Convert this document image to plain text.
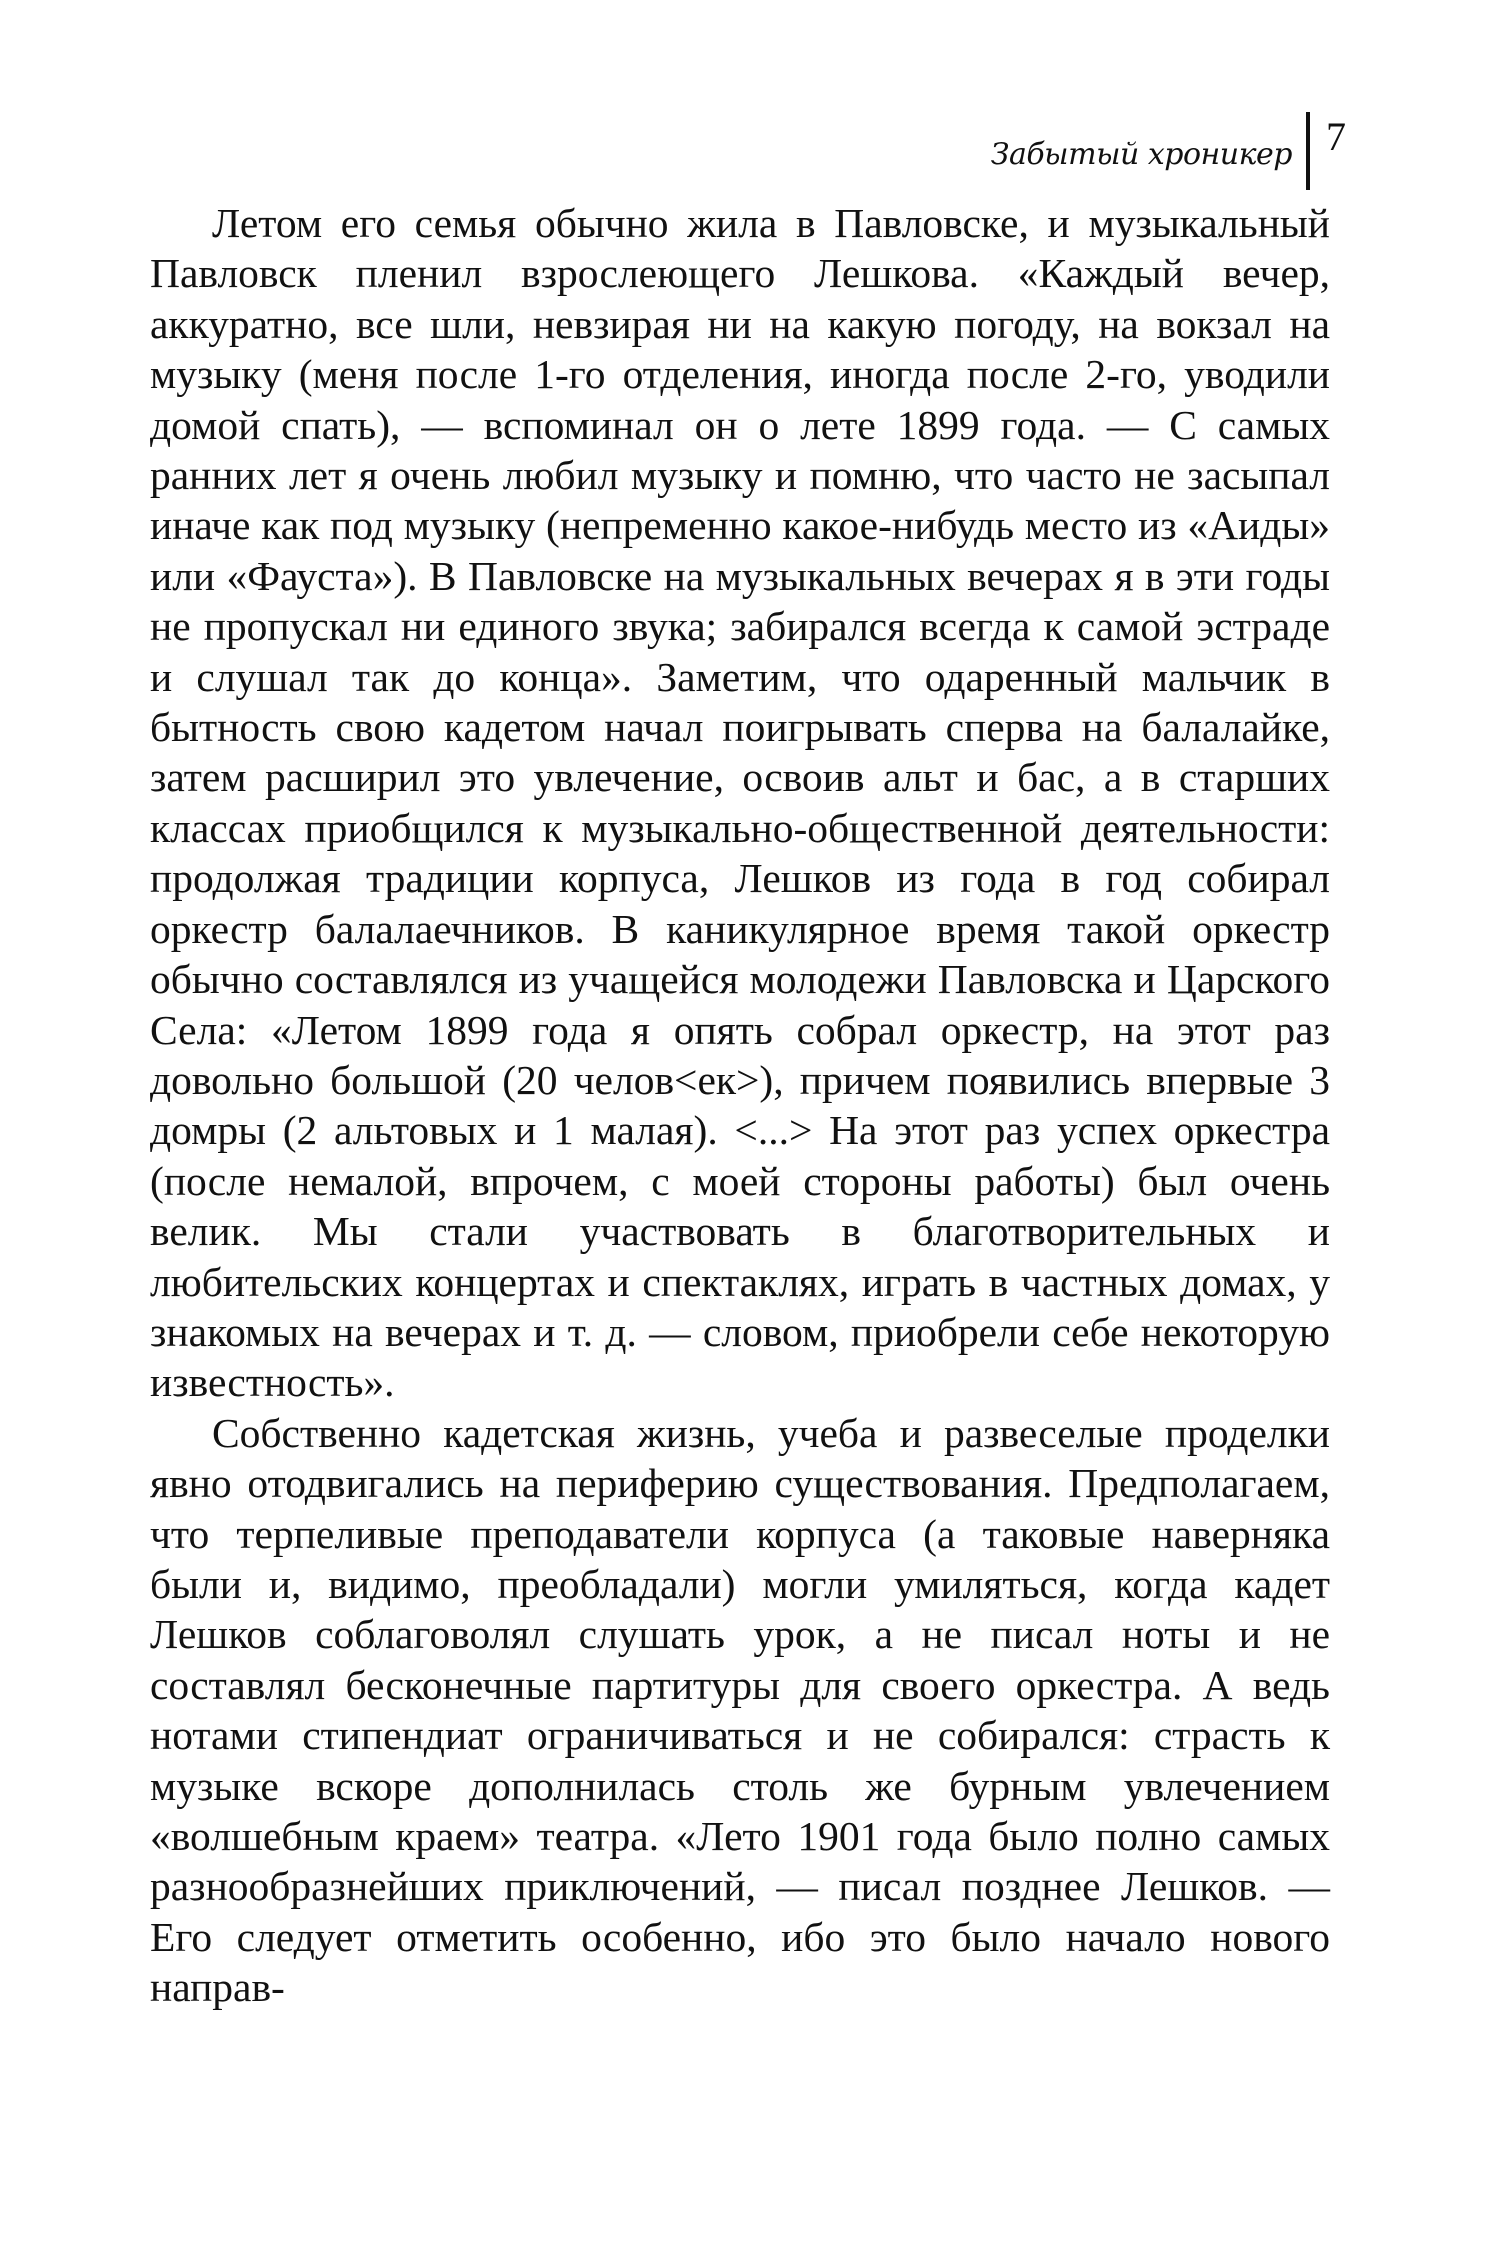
Забытый хроникер 7

Летом его семья обычно жила в Павловске, и музыкальный Павловск пленил взрослеющего Лешкова. «Каждый вечер, аккуратно, все шли, невзирая ни на какую погоду, на вокзал на музыку (меня после 1-го отделения, иногда после 2-го, уводили домой спать), — вспоминал он о лете 1899 года. — С самых ранних лет я очень любил музыку и помню, что часто не засыпал иначе как под музыку (непременно какое-нибудь место из «Аиды» или «Фауста»). В Павловске на музыкальных вечерах я в эти годы не пропускал ни единого звука; забирался всегда к самой эстраде и слушал так до конца». Заметим, что одаренный мальчик в бытность свою кадетом начал поигрывать сперва на балалайке, затем расширил это увлечение, освоив альт и бас, а в старших классах приобщился к музыкально-общественной деятельности: продолжая традиции корпуса, Лешков из года в год собирал оркестр балалаечников. В каникулярное время такой оркестр обычно составлялся из учащейся молодежи Павловска и Царского Села: «Летом 1899 года я опять собрал оркестр, на этот раз довольно большой (20 челов<ек>), причем появились впервые 3 домры (2 альтовых и 1 малая). <...> На этот раз успех оркестра (после немалой, впрочем, с моей стороны работы) был очень велик. Мы стали участвовать в благотворительных и любительских концертах и спектаклях, играть в частных домах, у знакомых на вечерах и т. д. — словом, приобрели себе некоторую известность».

Собственно кадетская жизнь, учеба и развеселые проделки явно отодвигались на периферию существования. Предполагаем, что терпеливые преподаватели корпуса (а таковые наверняка были и, видимо, преобладали) могли умиляться, когда кадет Лешков соблаговолял слушать урок, а не писал ноты и не составлял бесконечные партитуры для своего оркестра. А ведь нотами стипендиат ограничиваться и не собирался: страсть к музыке вскоре дополнилась столь же бурным увлечением «волшебным краем» театра. «Лето 1901 года было полно самых разнообразнейших приключений, — писал позднее Лешков. — Его следует отметить особенно, ибо это было начало нового направ-
